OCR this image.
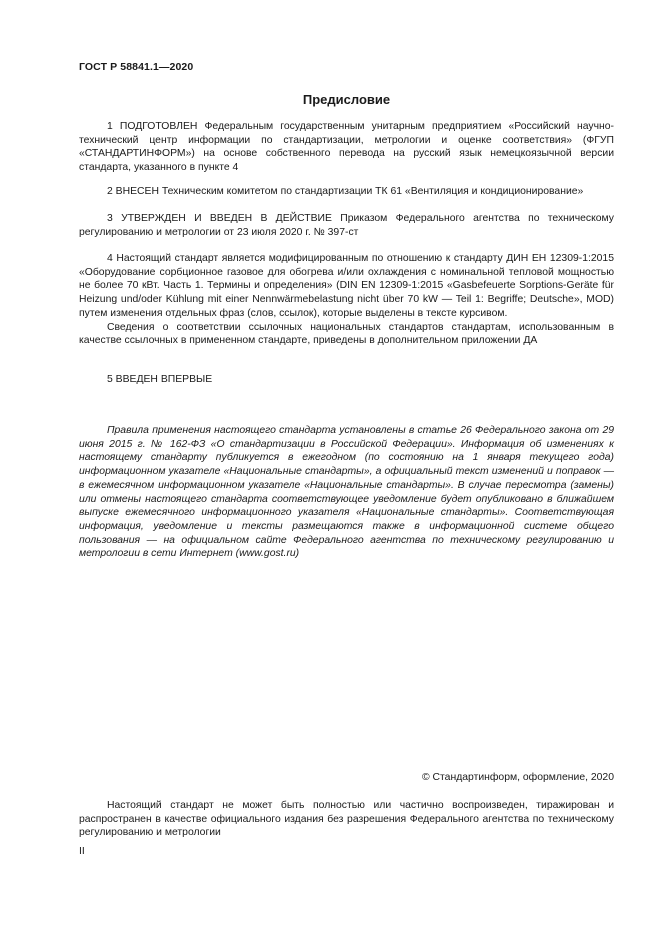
ГОСТ Р 58841.1—2020
Предисловие

1 ПОДГОТОВЛЕН Федеральным государственным унитарным предприятием «Российский научно-технический центр информации по стандартизации, метрологии и оценке соответствия» (ФГУП «СТАНДАРТИНФОРМ») на основе собственного перевода на русский язык немецкоязычной версии стандарта, указанного в пункте 4

2 ВНЕСЕН Техническим комитетом по стандартизации ТК 61 «Вентиляция и кондиционирование»

3 УТВЕРЖДЕН И ВВЕДЕН В ДЕЙСТВИЕ Приказом Федерального агентства по техническому регулированию и метрологии от 23 июля 2020 г. № 397-ст

4 Настоящий стандарт является модифицированным по отношению к стандарту ДИН ЕН 12309-1:2015 «Оборудование сорбционное газовое для обогрева и/или охлаждения с номинальной тепловой мощностью не более 70 кВт. Часть 1. Термины и определения» (DIN EN 12309-1:2015 «Gasbefeuerte Sorptions-Geräte für Heizung und/oder Kühlung mit einer Nennwärmebelastung nicht über 70 kW — Teil 1: Begriffe; Deutsche», MOD) путем изменения отдельных фраз (слов, ссылок), которые выделены в тексте курсивом.

Сведения о соответствии ссылочных национальных стандартов стандартам, использованным в качестве ссылочных в примененном стандарте, приведены в дополнительном приложении ДА

5 ВВЕДЕН ВПЕРВЫЕ

Правила применения настоящего стандарта установлены в статье 26 Федерального закона от 29 июня 2015 г. № 162-ФЗ «О стандартизации в Российской Федерации». Информация об изменениях к настоящему стандарту публикуется в ежегодном (по состоянию на 1 января текущего года) информационном указателе «Национальные стандарты», а официальный текст изменений и поправок — в ежемесячном информационном указателе «Национальные стандарты». В случае пересмотра (замены) или отмены настоящего стандарта соответствующее уведомление будет опубликовано в ближайшем выпуске ежемесячного информационного указателя «Национальные стандарты». Соответствующая информация, уведомление и тексты размещаются также в информационной системе общего пользования — на официальном сайте Федерального агентства по техническому регулированию и метрологии в сети Интернет (www.gost.ru)

© Стандартинформ, оформление, 2020

Настоящий стандарт не может быть полностью или частично воспроизведен, тиражирован и распространен в качестве официального издания без разрешения Федерального агентства по техническому регулированию и метрологии

II
